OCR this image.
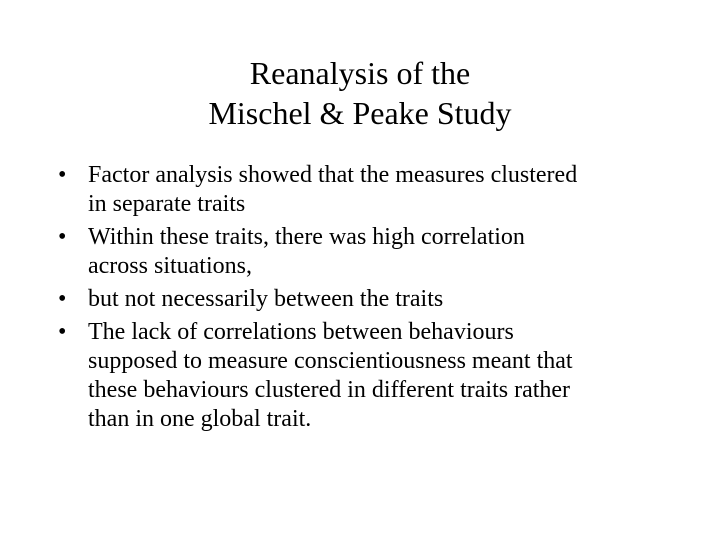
Reanalysis of the
Mischel & Peake Study
• Factor analysis showed that the measures clustered
in separate traits
• Within these traits, there was high correlation
across situations,
• but not necessarily between the traits
• The lack of correlations between behaviours
supposed to measure conscientiousness meant that
these behaviours clustered in different traits rather
than in one global trait.
